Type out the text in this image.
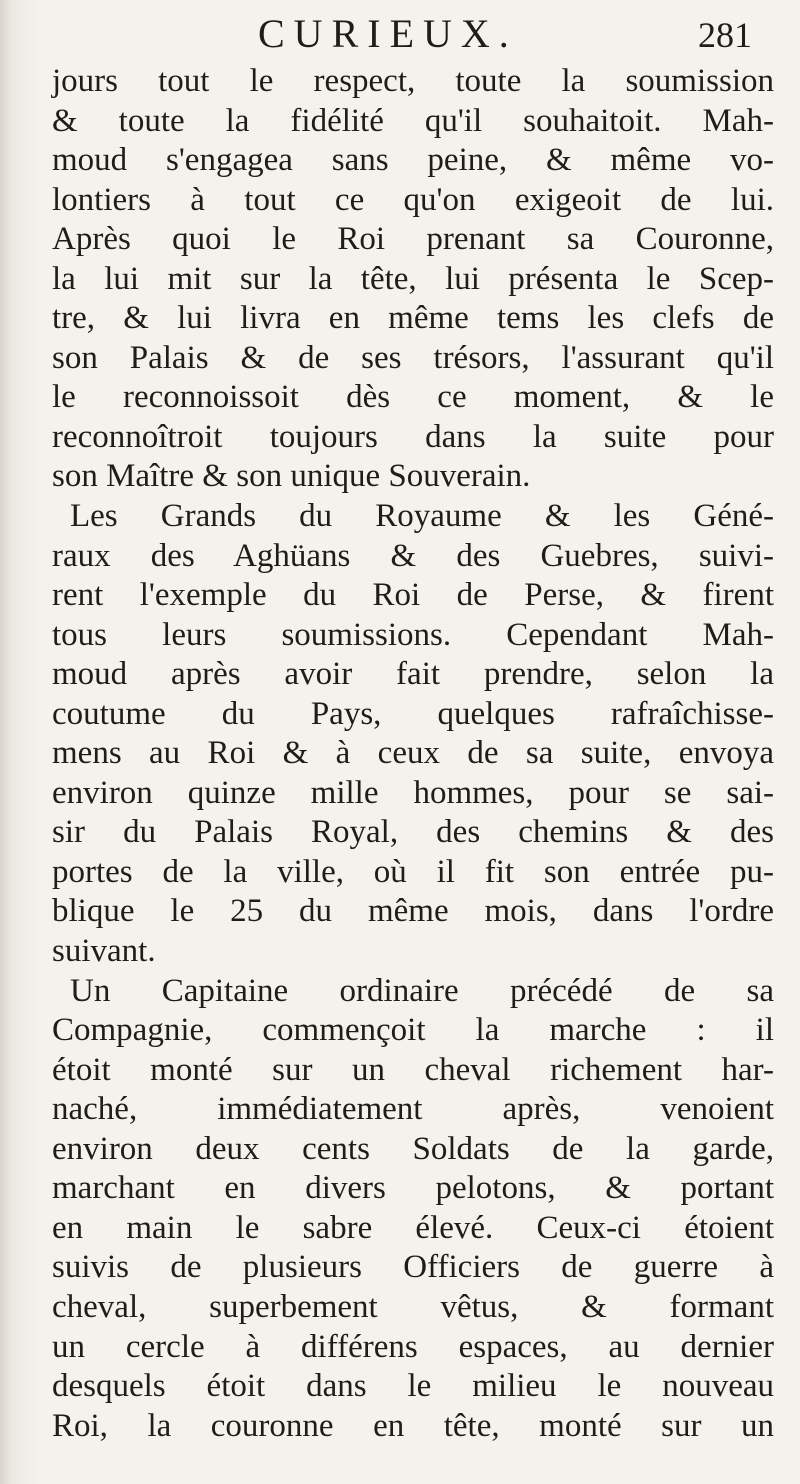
CURIEUX.	281
jours tout le respect, toute la soumission
& toute la fidélité qu'il souhaitoit. Mah-
moud s'engagea sans peine, & même vo-
lontiers à tout ce qu'on exigeoit de lui.
Après quoi le Roi prenant sa Couronne,
la lui mit sur la tête, lui présenta le Scep-
tre, & lui livra en même tems les clefs de
son Palais & de ses trésors, l'assurant qu'il
le reconnoissoit dès ce moment, & le
reconnoîtroit toujours dans la suite pour
son Maître & son unique Souverain.
Les Grands du Royaume & les Géné-
raux des Aghüans & des Guebres, suivi-
rent l'exemple du Roi de Perse, & firent
tous leurs soumissions. Cependant Mah-
moud après avoir fait prendre, selon la
coutume du Pays, quelques rafraîchisse-
mens au Roi & à ceux de sa suite, envoya
environ quinze mille hommes, pour se sai-
sir du Palais Royal, des chemins & des
portes de la ville, où il fit son entrée pu-
blique le 25 du même mois, dans l'ordre
suivant.
Un Capitaine ordinaire précédé de sa
Compagnie, commençoit la marche : il
étoit monté sur un cheval richement har-
naché, immédiatement après, venoient
environ deux cents Soldats de la garde,
marchant en divers pelotons, & portant
en main le sabre élevé. Ceux-ci étoient
suivis de plusieurs Officiers de guerre à
cheval, superbement vêtus, & formant
un cercle à différens espaces, au dernier
desquels étoit dans le milieu le nouveau
Roi, la couronne en tête, monté sur un
